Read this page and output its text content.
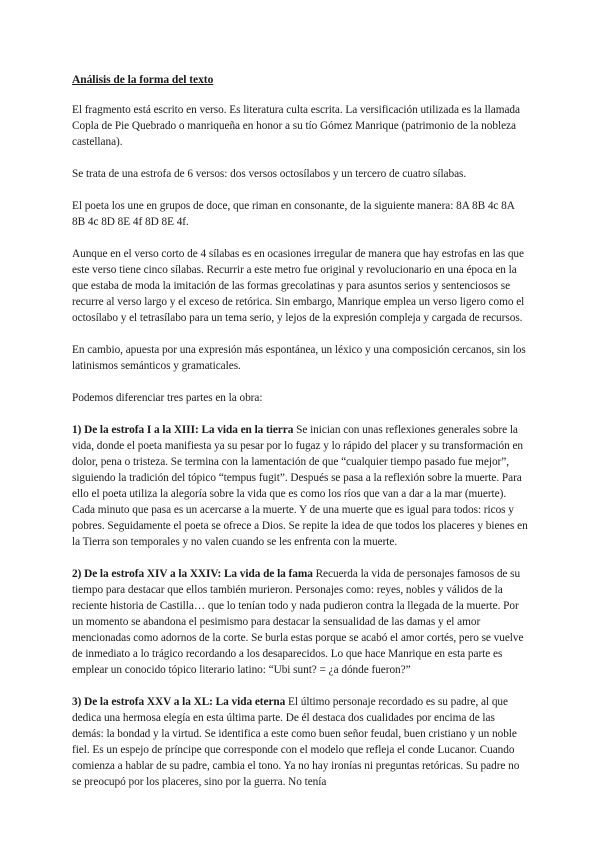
Análisis de la forma del texto

El fragmento está escrito en verso. Es literatura culta escrita. La versificación utilizada es la llamada Copla de Pie Quebrado o manriqueña en honor a su tío Gómez Manrique (patrimonio de la nobleza castellana).

Se trata de una estrofa de 6 versos: dos versos octosílabos y un tercero de cuatro sílabas.

El poeta los une en grupos de doce, que riman en consonante, de la siguiente manera: 8A 8B 4c 8A 8B 4c 8D 8E 4f 8D 8E 4f.

Aunque en el verso corto de 4 sílabas es en ocasiones irregular de manera que hay estrofas en las que este verso tiene cinco sílabas. Recurrir a este metro fue original y revolucionario en una época en la que estaba de moda la imitación de las formas grecolatinas y para asuntos serios y sentenciosos se recurre al verso largo y el exceso de retórica. Sin embargo, Manrique emplea un verso ligero como el octosílabo y el tetrasílabo para un tema serio, y lejos de la expresión compleja y cargada de recursos.

En cambio, apuesta por una expresión más espontánea, un léxico y una composición cercanos, sin los latinismos semánticos y gramaticales.

Podemos diferenciar tres partes en la obra:

1) De la estrofa I a la XIII: La vida en la tierra Se inician con unas reflexiones generales sobre la vida, donde el poeta manifiesta ya su pesar por lo fugaz y lo rápido del placer y su transformación en dolor, pena o tristeza. Se termina con la lamentación de que “cualquier tiempo pasado fue mejor”, siguiendo la tradición del tópico “tempus fugit”. Después se pasa a la reflexión sobre la muerte. Para ello el poeta utiliza la alegoría sobre la vida que es como los ríos que van a dar a la mar (muerte). Cada minuto que pasa es un acercarse a la muerte. Y de una muerte que es igual para todos: ricos y pobres. Seguidamente el poeta se ofrece a Dios. Se repite la idea de que todos los placeres y bienes en la Tierra son temporales y no valen cuando se les enfrenta con la muerte.

2) De la estrofa XIV a la XXIV: La vida de la fama Recuerda la vida de personajes famosos de su tiempo para destacar que ellos también murieron. Personajes como: reyes, nobles y válidos de la reciente historia de Castilla… que lo tenían todo y nada pudieron contra la llegada de la muerte. Por un momento se abandona el pesimismo para destacar la sensualidad de las damas y el amor mencionadas como adornos de la corte. Se burla estas porque se acabó el amor cortés, pero se vuelve de inmediato a lo trágico recordando a los desaparecidos. Lo que hace Manrique en esta parte es emplear un conocido tópico literario latino: “Ubi sunt? = ¿a dónde fueron?”

3) De la estrofa XXV a la XL: La vida eterna El último personaje recordado es su padre, al que dedica una hermosa elegía en esta última parte. De él destaca dos cualidades por encima de las demás: la bondad y la virtud. Se identifica a este como buen señor feudal, buen cristiano y un noble fiel. Es un espejo de príncipe que corresponde con el modelo que refleja el conde Lucanor. Cuando comienza a hablar de su padre, cambia el tono. Ya no hay ironías ni preguntas retóricas. Su padre no se preocupó por los placeres, sino por la guerra. No tenía
